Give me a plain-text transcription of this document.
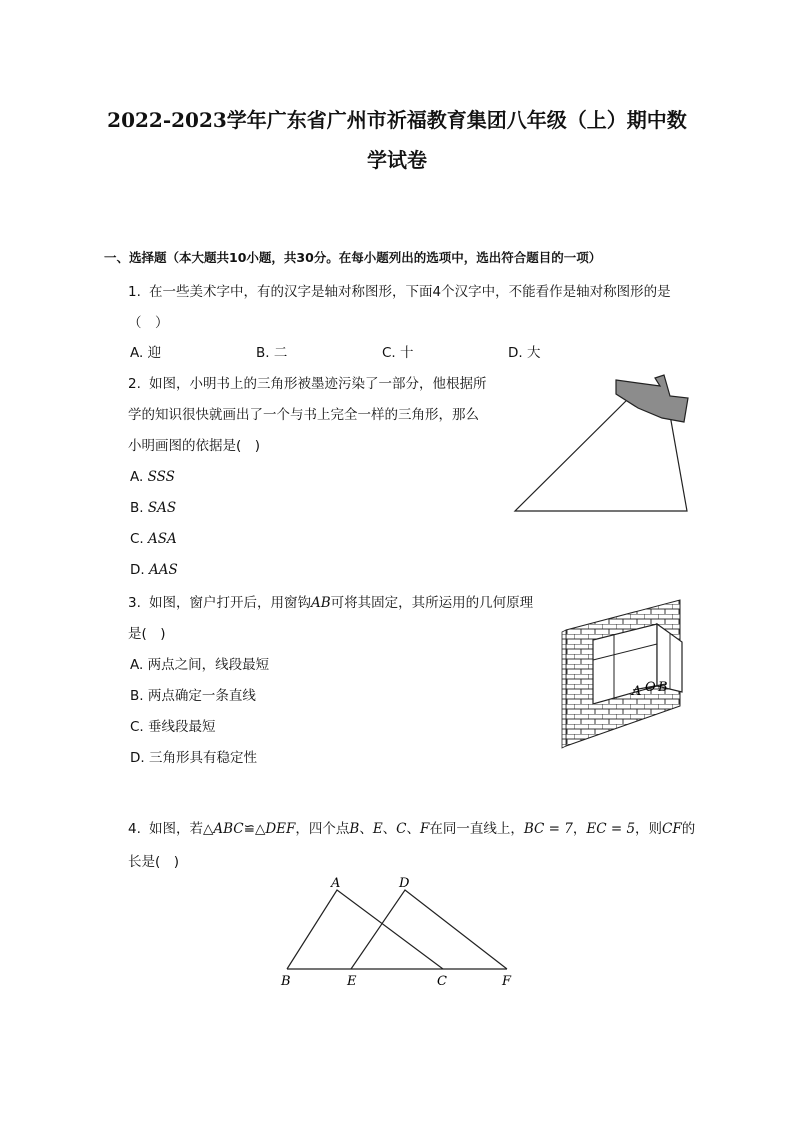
2022-2023学年广东省广州市祈福教育集团八年级（上）期中数
学试卷
一、选择题（本大题共10小题，共30分。在每小题列出的选项中，选出符合题目的一项）
1. 在一些美术字中，有的汉字是轴对称图形，下面4个汉字中，不能看作是轴对称图形的是
（　）
A. 迎	B. 二	C. 十	D. 大
2. 如图，小明书上的三角形被墨迹污染了一部分，他根据所
学的知识很快就画出了一个与书上完全一样的三角形，那么
小明画图的依据是(　)
A. SSS
B. SAS
C. ASA
D. AAS
3. 如图，窗户打开后，用窗钩AB可将其固定，其所运用的几何原理
是(　)
A. 两点之间，线段最短
B. 两点确定一条直线
C. 垂线段最短
D. 三角形具有稳定性
A O B
4. 如图，若△ABC≌△DEF，四个点B、E、C、F在同一直线上，BC = 7，EC = 5，则CF的
长是(　)
A	D
B	E	C	F
